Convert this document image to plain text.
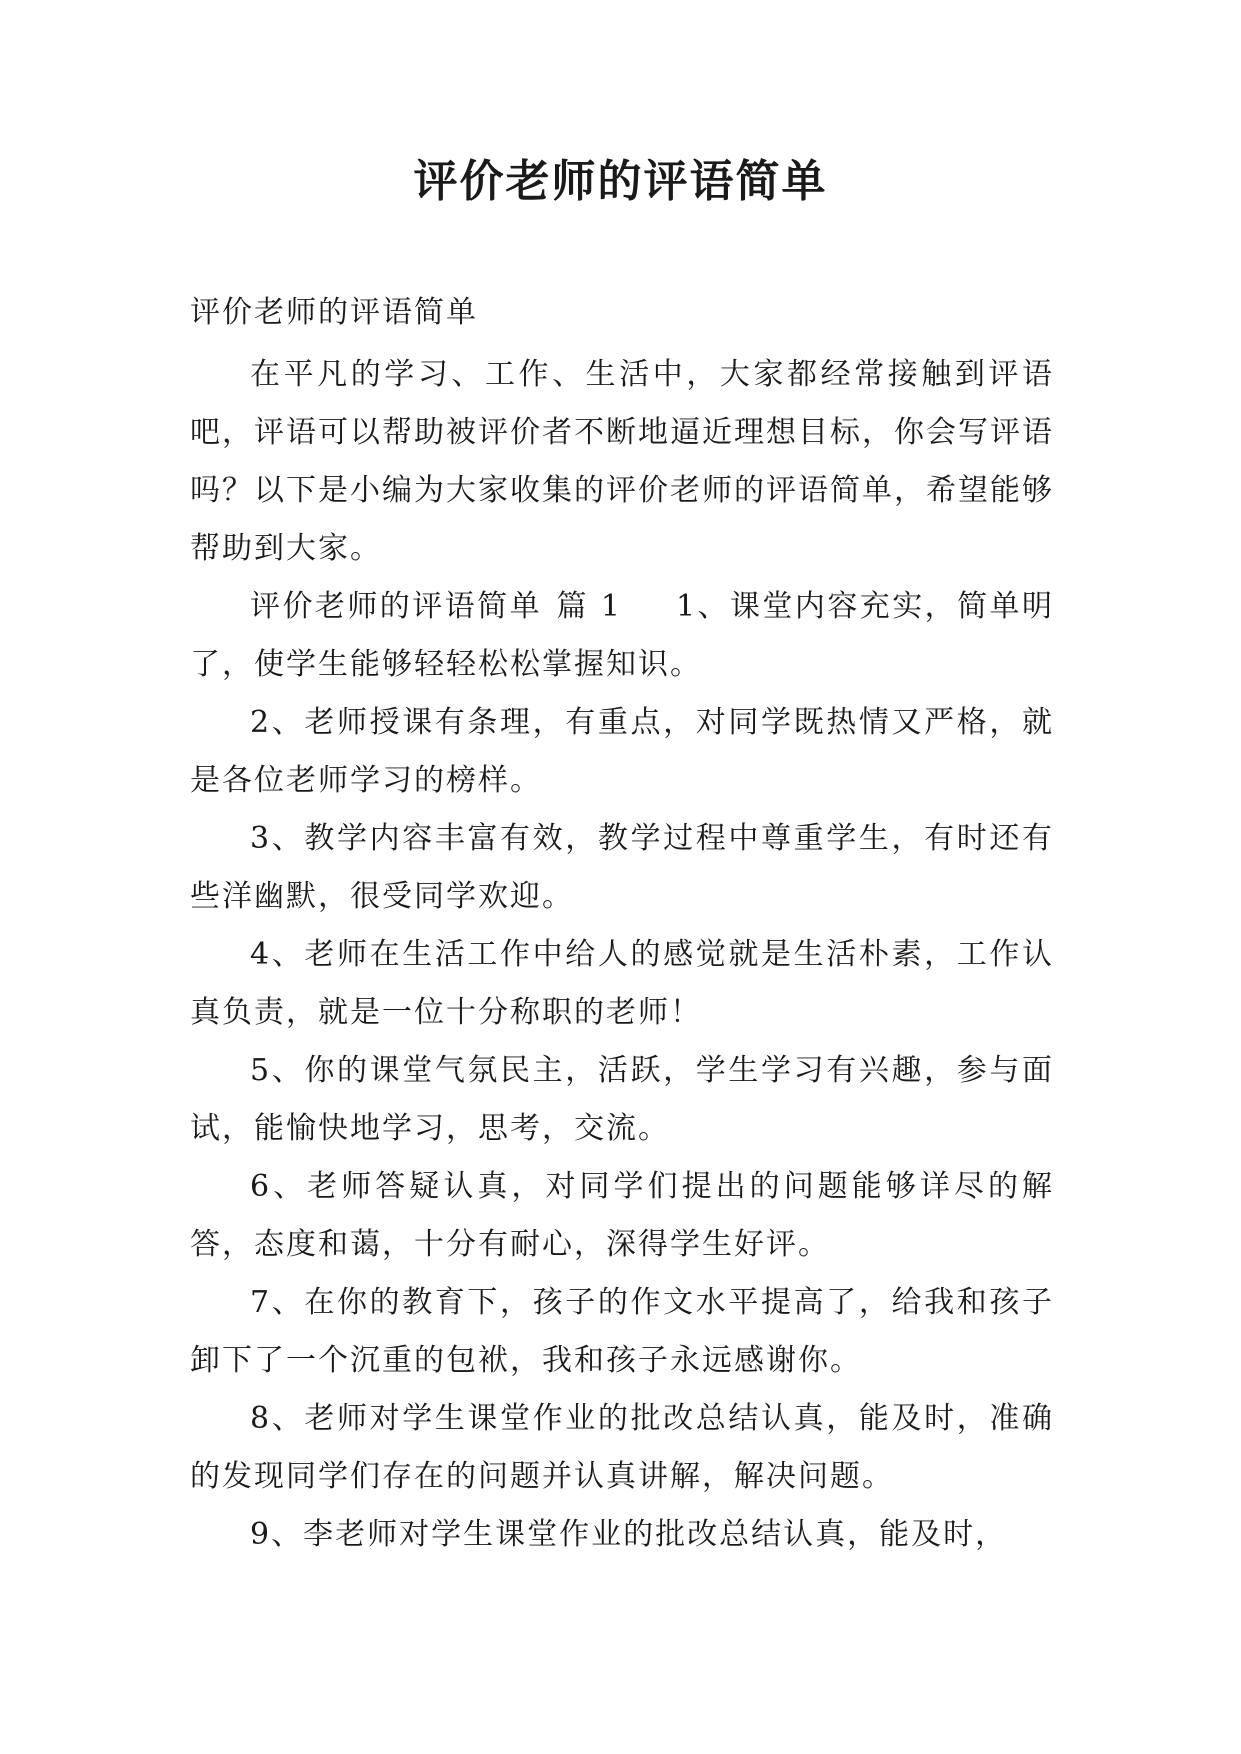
评价老师的评语简单

评价老师的评语简单

在平凡的学习、工作、生活中，大家都经常接触到评语吧，评语可以帮助被评价者不断地逼近理想目标，你会写评语吗？以下是小编为大家收集的评价老师的评语简单，希望能够帮助到大家。

评价老师的评语简单 篇 1 1、课堂内容充实，简单明了，使学生能够轻轻松松掌握知识。

2、老师授课有条理，有重点，对同学既热情又严格，就是各位老师学习的榜样。

3、教学内容丰富有效，教学过程中尊重学生，有时还有些洋幽默，很受同学欢迎。

4、老师在生活工作中给人的感觉就是生活朴素，工作认真负责，就是一位十分称职的老师！

5、你的课堂气氛民主，活跃，学生学习有兴趣，参与面试，能愉快地学习，思考，交流。

6、老师答疑认真，对同学们提出的问题能够详尽的解答，态度和蔼，十分有耐心，深得学生好评。

7、在你的教育下，孩子的作文水平提高了，给我和孩子卸下了一个沉重的包袱，我和孩子永远感谢你。

8、老师对学生课堂作业的批改总结认真，能及时，准确的发现同学们存在的问题并认真讲解，解决问题。

9、李老师对学生课堂作业的批改总结认真，能及时，
